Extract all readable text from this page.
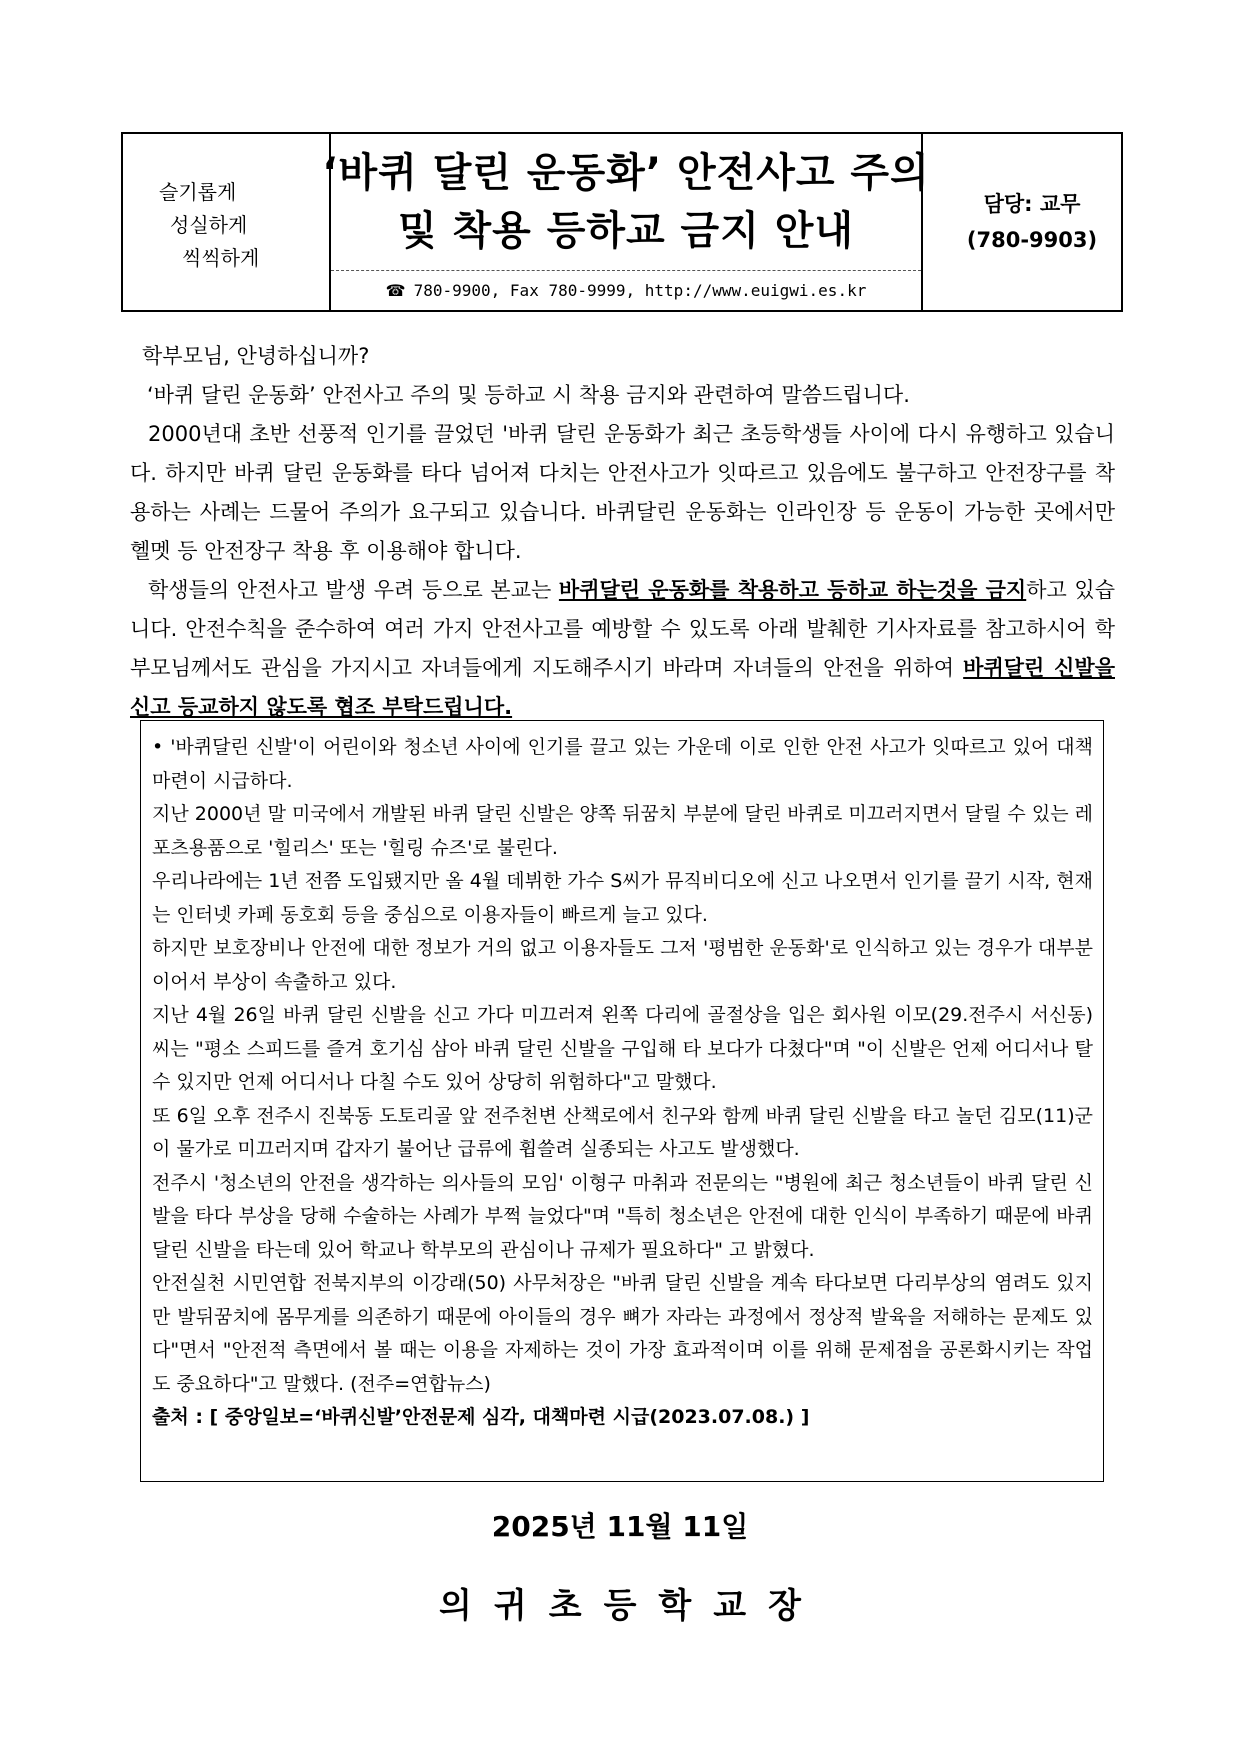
슬기롭게
성실하게
씩씩하게
‘바퀴 달린 운동화’ 안전사고 주의
및 착용 등하교 금지 안내
☎ 780-9900, Fax 780-9999, http://www.euigwi.es.kr
담당: 교무
(780-9903)
학부모님, 안녕하십니까?
‘바퀴 달린 운동화’ 안전사고 주의 및 등하교 시 착용 금지와 관련하여 말씀드립니다.
2000년대 초반 선풍적 인기를 끌었던 '바퀴 달린 운동화가 최근 초등학생들 사이에 다시 유행하고 있습니다. 하지만 바퀴 달린 운동화를 타다 넘어져 다치는 안전사고가 잇따르고 있음에도 불구하고 안전장구를 착용하는 사례는 드물어 주의가 요구되고 있습니다. 바퀴달린 운동화는 인라인장 등 운동이 가능한 곳에서만 헬멧 등 안전장구 착용 후 이용해야 합니다.
학생들의 안전사고 발생 우려 등으로 본교는 바퀴달린 운동화를 착용하고 등하교 하는것을 금지하고 있습니다. 안전수칙을 준수하여 여러 가지 안전사고를 예방할 수 있도록 아래 발췌한 기사자료를 참고하시어 학부모님께서도 관심을 가지시고 자녀들에게 지도해주시기 바라며 자녀들의 안전을 위하여 바퀴달린 신발을 신고 등교하지 않도록 협조 부탁드립니다.

• '바퀴달린 신발'이 어린이와 청소년 사이에 인기를 끌고 있는 가운데 이로 인한 안전 사고가 잇따르고 있어 대책마련이 시급하다.

지난 2000년 말 미국에서 개발된 바퀴 달린 신발은 양쪽 뒤꿈치 부분에 달린 바퀴로 미끄러지면서 달릴 수 있는 레포츠용품으로 '힐리스' 또는 '힐링 슈즈'로 불린다.

우리나라에는 1년 전쯤 도입됐지만 올 4월 데뷔한 가수 S씨가 뮤직비디오에 신고 나오면서 인기를 끌기 시작, 현재는 인터넷 카페 동호회 등을 중심으로 이용자들이 빠르게 늘고 있다.

하지만 보호장비나 안전에 대한 정보가 거의 없고 이용자들도 그저 '평범한 운동화'로 인식하고 있는 경우가 대부분이어서 부상이 속출하고 있다.

지난 4월 26일 바퀴 달린 신발을 신고 가다 미끄러져 왼쪽 다리에 골절상을 입은 회사원 이모(29.전주시 서신동)씨는 "평소 스피드를 즐겨 호기심 삼아 바퀴 달린 신발을 구입해 타 보다가 다쳤다"며 "이 신발은 언제 어디서나 탈 수 있지만 언제 어디서나 다칠 수도 있어 상당히 위험하다"고 말했다.

또 6일 오후 전주시 진북동 도토리골 앞 전주천변 산책로에서 친구와 함께 바퀴 달린 신발을 타고 놀던 김모(11)군이 물가로 미끄러지며 갑자기 불어난 급류에 휩쓸려 실종되는 사고도 발생했다.

전주시 '청소년의 안전을 생각하는 의사들의 모임' 이형구 마취과 전문의는 "병원에 최근 청소년들이 바퀴 달린 신발을 타다 부상을 당해 수술하는 사례가 부쩍 늘었다"며 "특히 청소년은 안전에 대한 인식이 부족하기 때문에 바퀴 달린 신발을 타는데 있어 학교나 학부모의 관심이나 규제가 필요하다" 고 밝혔다.

안전실천 시민연합 전북지부의 이강래(50) 사무처장은 "바퀴 달린 신발을 계속 타다보면 다리부상의 염려도 있지만 발뒤꿈치에 몸무게를 의존하기 때문에 아이들의 경우 뼈가 자라는 과정에서 정상적 발육을 저해하는 문제도 있다"면서 "안전적 측면에서 볼 때는 이용을 자제하는 것이 가장 효과적이며 이를 위해 문제점을 공론화시키는 작업도 중요하다"고 말했다. (전주=연합뉴스)

출처 : [ 중앙일보=‘바퀴신발’안전문제 심각, 대책마련 시급(2023.07.08.) ]

2025년 11월 11일
의귀초등학교장
